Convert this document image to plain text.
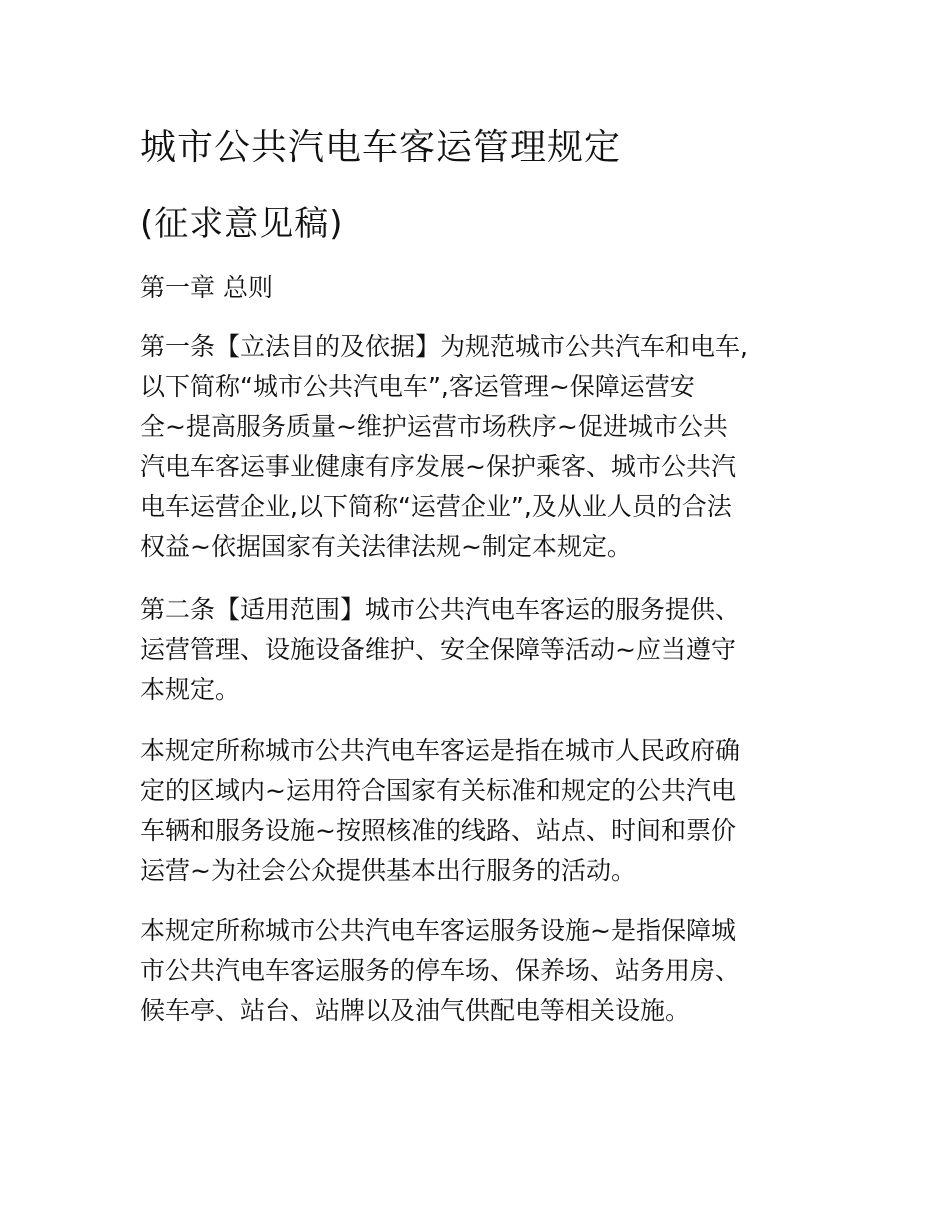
城市公共汽电车客运管理规定
(征求意见稿)
第一章 总则
第一条【立法目的及依据】为规范城市公共汽车和电车,
以下简称“城市公共汽电车”,客运管理~保障运营安
全~提高服务质量~维护运营市场秩序~促进城市公共
汽电车客运事业健康有序发展~保护乘客、城市公共汽
电车运营企业,以下简称“运营企业”,及从业人员的合法
权益~依据国家有关法律法规~制定本规定。
第二条【适用范围】城市公共汽电车客运的服务提供、
运营管理、设施设备维护、安全保障等活动~应当遵守
本规定。
本规定所称城市公共汽电车客运是指在城市人民政府确
定的区域内~运用符合国家有关标准和规定的公共汽电
车辆和服务设施~按照核准的线路、站点、时间和票价
运营~为社会公众提供基本出行服务的活动。
本规定所称城市公共汽电车客运服务设施~是指保障城
市公共汽电车客运服务的停车场、保养场、站务用房、
候车亭、站台、站牌以及油气供配电等相关设施。
